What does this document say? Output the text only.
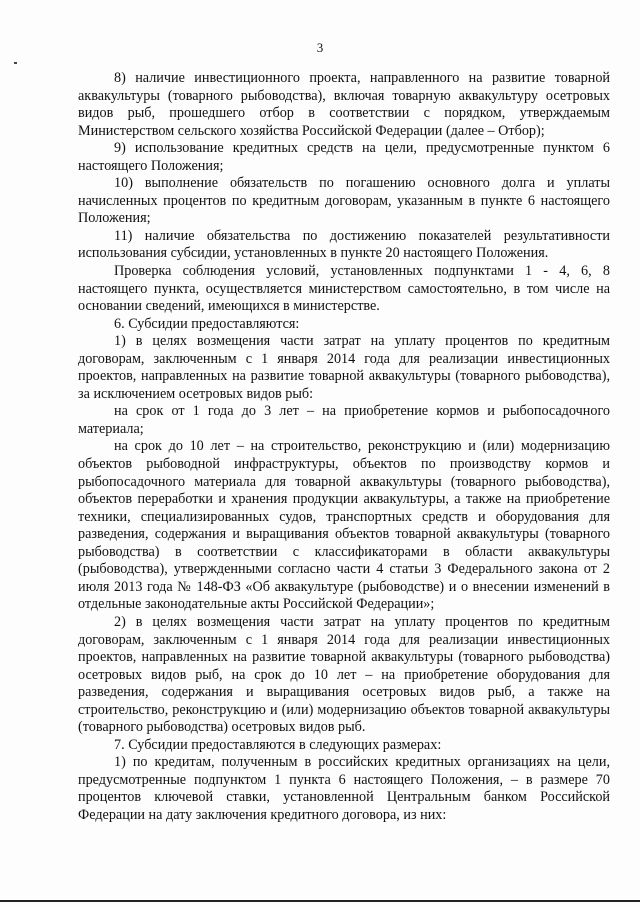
3

8) наличие инвестиционного проекта, направленного на развитие товарной аквакультуры (товарного рыбоводства), включая товарную аквакультуру осетровых видов рыб, прошедшего отбор в соответствии с порядком, утверждаемым Министерством сельского хозяйства Российской Федерации (далее – Отбор);

9) использование кредитных средств на цели, предусмотренные пунктом 6 настоящего Положения;

10) выполнение обязательств по погашению основного долга и уплаты начисленных процентов по кредитным договорам, указанным в пункте 6 настоящего Положения;

11) наличие обязательства по достижению показателей результативности использования субсидии, установленных в пункте 20 настоящего Положения.

Проверка соблюдения условий, установленных подпунктами 1 - 4, 6, 8 настоящего пункта, осуществляется министерством самостоятельно, в том числе на основании сведений, имеющихся в министерстве.

6. Субсидии предоставляются:

1) в целях возмещения части затрат на уплату процентов по кредитным договорам, заключенным с 1 января 2014 года для реализации инвестиционных проектов, направленных на развитие товарной аквакультуры (товарного рыбоводства), за исключением осетровых видов рыб:

на срок от 1 года до 3 лет – на приобретение кормов и рыбопосадочного материала;

на срок до 10 лет – на строительство, реконструкцию и (или) модернизацию объектов рыбоводной инфраструктуры, объектов по производству кормов и рыбопосадочного материала для товарной аквакультуры (товарного рыбоводства), объектов переработки и хранения продукции аквакультуры, а также на приобретение техники, специализированных судов, транспортных средств и оборудования для разведения, содержания и выращивания объектов товарной аквакультуры (товарного рыбоводства) в соответствии с классификаторами в области аквакультуры (рыбоводства), утвержденными согласно части 4 статьи 3 Федерального закона от 2 июля 2013 года № 148-ФЗ «Об аквакультуре (рыбоводстве) и о внесении изменений в отдельные законодательные акты Российской Федерации»;

2) в целях возмещения части затрат на уплату процентов по кредитным договорам, заключенным с 1 января 2014 года для реализации инвестиционных проектов, направленных на развитие товарной аквакультуры (товарного рыбоводства) осетровых видов рыб, на срок до 10 лет – на приобретение оборудования для разведения, содержания и выращивания осетровых видов рыб, а также на строительство, реконструкцию и (или) модернизацию объектов товарной аквакультуры (товарного рыбоводства) осетровых видов рыб.

7. Субсидии предоставляются в следующих размерах:

1) по кредитам, полученным в российских кредитных организациях на цели, предусмотренные подпунктом 1 пункта 6 настоящего Положения, – в размере 70 процентов ключевой ставки, установленной Центральным банком Российской Федерации на дату заключения кредитного договора, из них:
